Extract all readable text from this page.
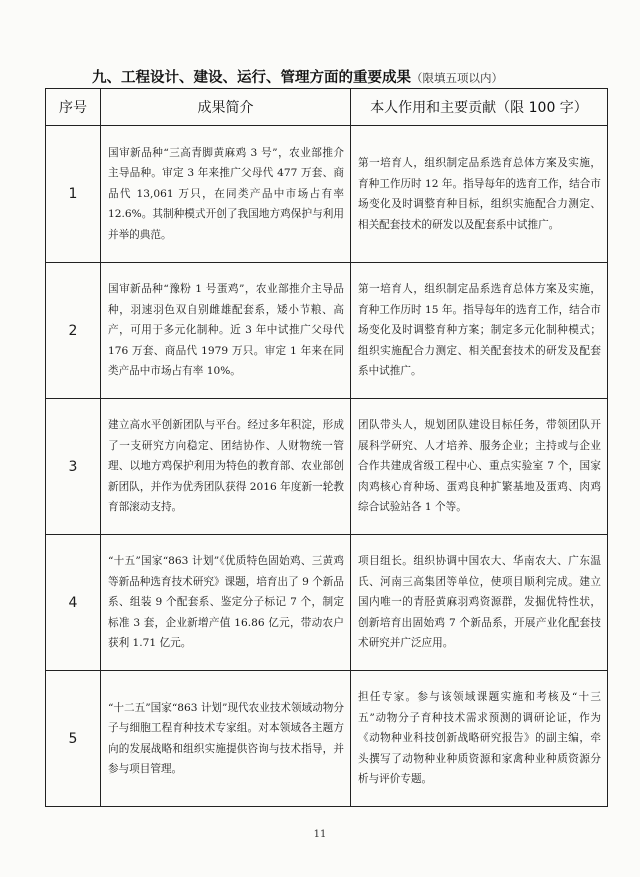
九、工程设计、建设、运行、管理方面的重要成果（限填五项以内）
序号	成果简介	本人作用和主要贡献（限 100 字）
1	国审新品种“三高青脚黄麻鸡 3 号”，农业部推介主导品种。审定 3 年来推广父母代 477 万套、商品代 13,061 万只，在同类产品中市场占有率 12.6%。其制种模式开创了我国地方鸡保护与利用并举的典范。	第一培育人，组织制定品系选育总体方案及实施，育种工作历时 12 年。指导每年的选育工作，结合市场变化及时调整育种目标，组织实施配合力测定、相关配套技术的研发以及配套系中试推广。
2	国审新品种“豫粉 1 号蛋鸡”，农业部推介主导品种，羽速羽色双自别雌雄配套系，矮小节粮、高产，可用于多元化制种。近 3 年中试推广父母代 176 万套、商品代 1979 万只。审定 1 年来在同类产品中市场占有率 10%。	第一培育人，组织制定品系选育总体方案及实施，育种工作历时 15 年。指导每年的选育工作，结合市场变化及时调整育种方案；制定多元化制种模式；组织实施配合力测定、相关配套技术的研发及配套系中试推广。
3	建立高水平创新团队与平台。经过多年积淀，形成了一支研究方向稳定、团结协作、人财物统一管理、以地方鸡保护利用为特色的教育部、农业部创新团队，并作为优秀团队获得 2016 年度新一轮教育部滚动支持。	团队带头人，规划团队建设目标任务，带领团队开展科学研究、人才培养、服务企业；主持或与企业合作共建成省级工程中心、重点实验室 7 个，国家肉鸡核心育种场、蛋鸡良种扩繁基地及蛋鸡、肉鸡综合试验站各 1 个等。
4	“十五”国家“863 计划”《优质特色固始鸡、三黄鸡等新品种选育技术研究》课题，培育出了 9 个新品系、组装 9 个配套系、鉴定分子标记 7 个，制定标准 3 套，企业新增产值 16.86 亿元，带动农户获利 1.71 亿元。	项目组长。组织协调中国农大、华南农大、广东温氏、河南三高集团等单位，使项目顺利完成。建立国内唯一的青胫黄麻羽鸡资源群，发掘优特性状，创新培育出固始鸡 7 个新品系，开展产业化配套技术研究并广泛应用。
5	“十二五”国家“863 计划”现代农业技术领域动物分子与细胞工程育种技术专家组。对本领域各主题方向的发展战略和组织实施提供咨询与技术指导，并参与项目管理。	担任专家。参与该领域课题实施和考核及“十三五”动物分子育种技术需求预测的调研论证，作为《动物种业科技创新战略研究报告》的副主编，牵头撰写了动物种业种质资源和家禽种业种质资源分析与评价专题。
11
